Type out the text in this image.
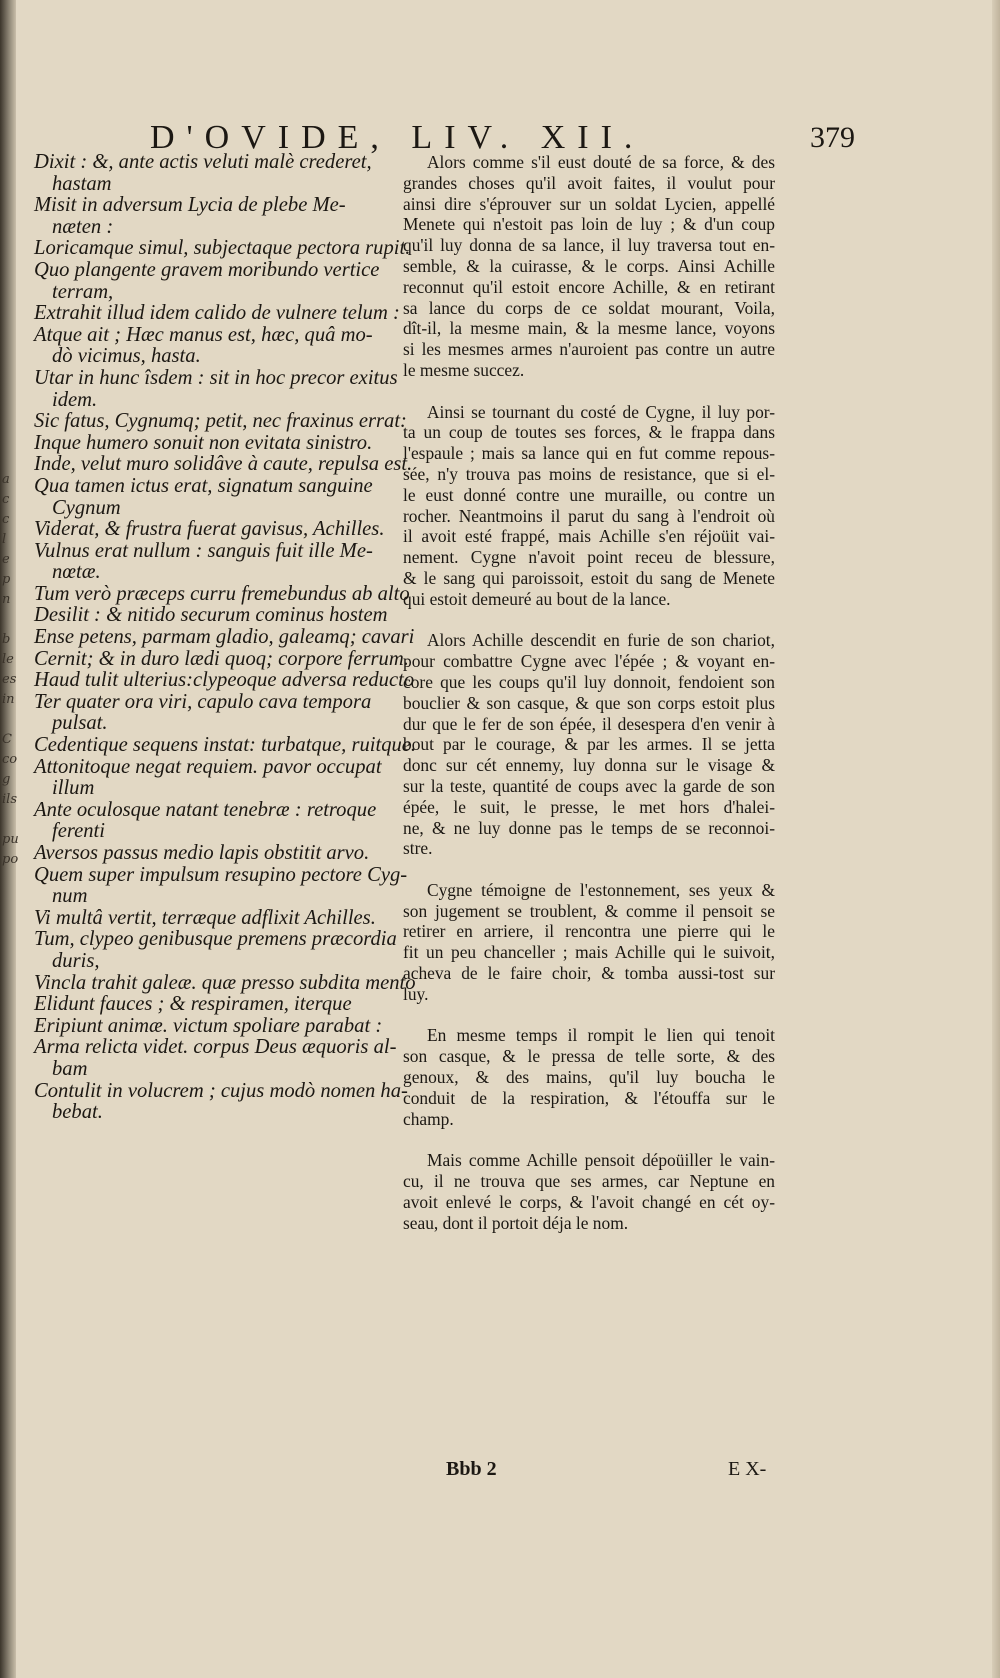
a
c
c
l
e
p
n
b
le
es
in
C
co
g
ils
pu
po
D'OVIDE, LIV. XII.	379
Dixit : &, ante actis veluti malè crederet,
hastam
Misit in adversum Lycia de plebe Me-
næten :
Loricamque simul, subjectaque pectora rupit.
Quo plangente gravem moribundo vertice
terram,
Extrahit illud idem calido de vulnere telum :
Atque ait ; Hæc manus est, hæc, quâ mo-
dò vicimus, hasta.
Utar in hunc îsdem : sit in hoc precor exitus
idem.
Sic fatus, Cygnumq; petit, nec fraxinus errat:
Inque humero sonuit non evitata sinistro.
Inde, velut muro solidâve à caute, repulsa est.
Qua tamen ictus erat, signatum sanguine
Cygnum
Viderat, & frustra fuerat gavisus, Achilles.
Vulnus erat nullum : sanguis fuit ille Me-
nœtæ.
Tum verò præceps curru fremebundus ab alto
Desilit : & nitido securum cominus hostem
Ense petens, parmam gladio, galeamq; cavari
Cernit; & in duro lædi quoq; corpore ferrum.
Haud tulit ulterius:clypeoque adversa reducto
Ter quater ora viri, capulo cava tempora
pulsat.
Cedentique sequens instat: turbatque, ruitque.
Attonitoque negat requiem. pavor occupat
illum
Ante oculosque natant tenebræ : retroque
ferenti
Aversos passus medio lapis obstitit arvo.
Quem super impulsum resupino pectore Cyg-
num
Vi multâ vertit, terræque adflixit Achilles.
Tum, clypeo genibusque premens præcordia
duris,
Vincla trahit galeæ. quæ presso subdita mento
Elidunt fauces ; & respiramen, iterque
Eripiunt animæ. victum spoliare parabat :
Arma relicta videt. corpus Deus æquoris al-
bam
Contulit in volucrem ; cujus modò nomen ha-
bebat.
Alors comme s'il eust douté de sa force, & des
grandes choses qu'il avoit faites, il voulut pour
ainsi dire s'éprouver sur un soldat Lycien, appellé
Menete qui n'estoit pas loin de luy ; & d'un coup
qu'il luy donna de sa lance, il luy traversa tout en-
semble, & la cuirasse, & le corps. Ainsi Achille
reconnut qu'il estoit encore Achille, & en retirant
sa lance du corps de ce soldat mourant, Voila,
dît-il, la mesme main, & la mesme lance, voyons
si les mesmes armes n'auroient pas contre un autre
le mesme succez.
Ainsi se tournant du costé de Cygne, il luy por-
ta un coup de toutes ses forces, & le frappa dans
l'espaule ; mais sa lance qui en fut comme repous-
sée, n'y trouva pas moins de resistance, que si el-
le eust donné contre une muraille, ou contre un
rocher. Neantmoins il parut du sang à l'endroit où
il avoit esté frappé, mais Achille s'en réjoüit vai-
nement. Cygne n'avoit point receu de blessure,
& le sang qui paroissoit, estoit du sang de Menete
qui estoit demeuré au bout de la lance.
Alors Achille descendit en furie de son chariot,
pour combattre Cygne avec l'épée ; & voyant en-
core que les coups qu'il luy donnoit, fendoient son
bouclier & son casque, & que son corps estoit plus
dur que le fer de son épée, il desespera d'en venir à
bout par le courage, & par les armes. Il se jetta
donc sur cét ennemy, luy donna sur le visage &
sur la teste, quantité de coups avec la garde de son
épée, le suit, le presse, le met hors d'halei-
ne, & ne luy donne pas le temps de se reconnoi-
stre.
Cygne témoigne de l'estonnement, ses yeux &
son jugement se troublent, & comme il pensoit se
retirer en arriere, il rencontra une pierre qui le
fit un peu chanceller ; mais Achille qui le suivoit,
acheva de le faire choir, & tomba aussi-tost sur
luy.
En mesme temps il rompit le lien qui tenoit
son casque, & le pressa de telle sorte, & des
genoux, & des mains, qu'il luy boucha le
conduit de la respiration, & l'étouffa sur le
champ.
Mais comme Achille pensoit dépoüiller le vain-
cu, il ne trouva que ses armes, car Neptune en
avoit enlevé le corps, & l'avoit changé en cét oy-
seau, dont il portoit déja le nom.
Bbb 2	E X-
